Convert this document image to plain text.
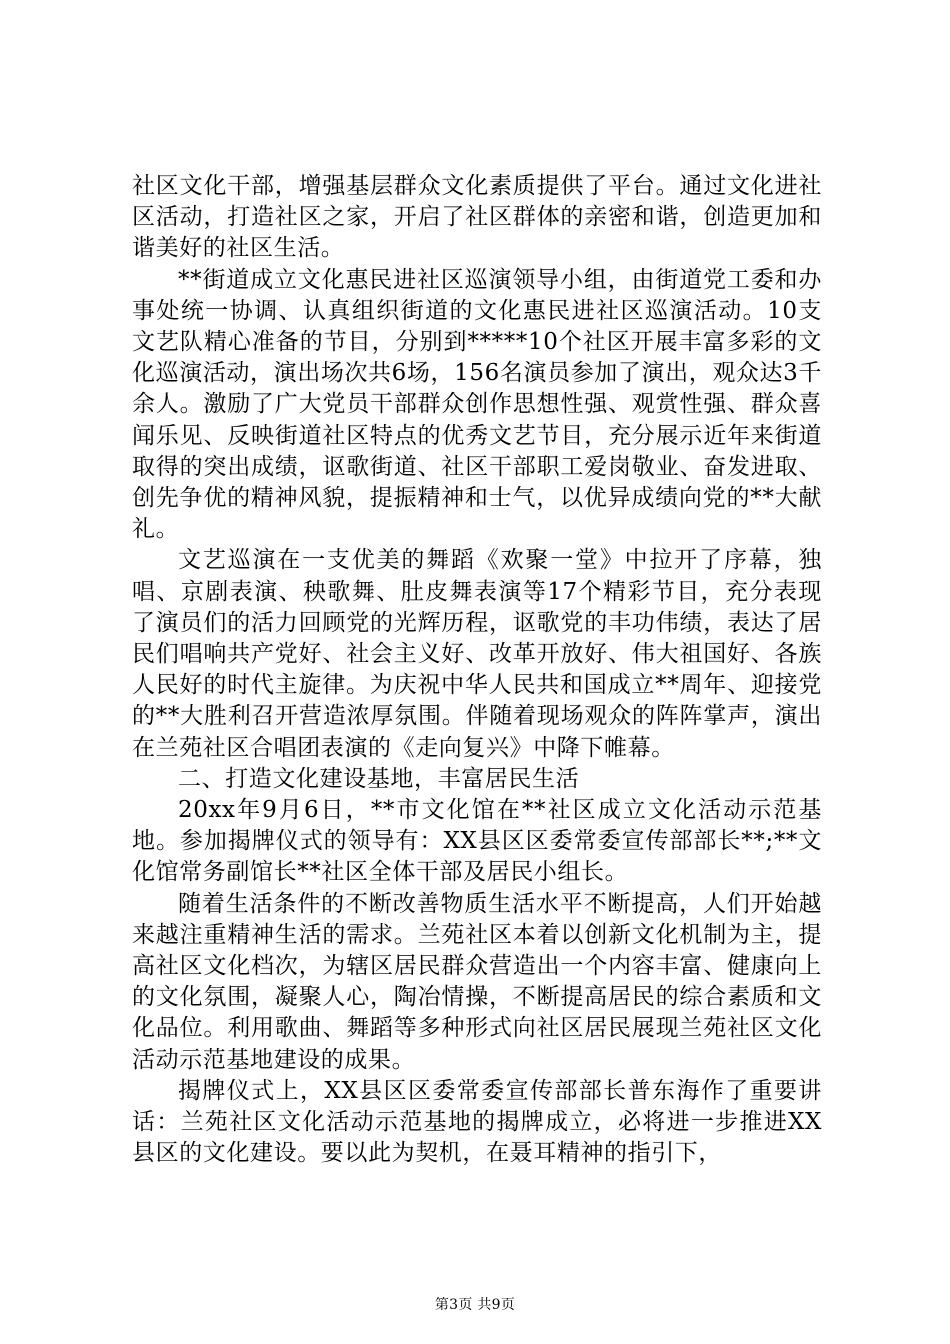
社区文化干部，增强基层群众文化素质提供了平台。通过文化进社区活动，打造社区之家，开启了社区群体的亲密和谐，创造更加和谐美好的社区生活。

**街道成立文化惠民进社区巡演领导小组，由街道党工委和办事处统一协调、认真组织街道的文化惠民进社区巡演活动。10支文艺队精心准备的节目，分别到*****10个社区开展丰富多彩的文化巡演活动，演出场次共6场，156名演员参加了演出，观众达3千余人。激励了广大党员干部群众创作思想性强、观赏性强、群众喜闻乐见、反映街道社区特点的优秀文艺节目，充分展示近年来街道取得的突出成绩，讴歌街道、社区干部职工爱岗敬业、奋发进取、创先争优的精神风貌，提振精神和士气，以优异成绩向党的**大献礼。

文艺巡演在一支优美的舞蹈《欢聚一堂》中拉开了序幕，独唱、京剧表演、秧歌舞、肚皮舞表演等17个精彩节目，充分表现了演员们的活力回顾党的光辉历程，讴歌党的丰功伟绩，表达了居民们唱响共产党好、社会主义好、改革开放好、伟大祖国好、各族人民好的时代主旋律。为庆祝中华人民共和国成立**周年、迎接党的**大胜利召开营造浓厚氛围。伴随着现场观众的阵阵掌声，演出在兰苑社区合唱团表演的《走向复兴》中降下帷幕。

二、打造文化建设基地，丰富居民生活

20xx年9月6日，**市文化馆在**社区成立文化活动示范基地。参加揭牌仪式的领导有：XX县区区委常委宣传部部长**;**文化馆常务副馆长**社区全体干部及居民小组长。

随着生活条件的不断改善物质生活水平不断提高，人们开始越来越注重精神生活的需求。兰苑社区本着以创新文化机制为主，提高社区文化档次，为辖区居民群众营造出一个内容丰富、健康向上的文化氛围，凝聚人心，陶冶情操，不断提高居民的综合素质和文化品位。利用歌曲、舞蹈等多种形式向社区居民展现兰苑社区文化活动示范基地建设的成果。

揭牌仪式上，XX县区区委常委宣传部部长普东海作了重要讲话：兰苑社区文化活动示范基地的揭牌成立，必将进一步推进XX县区的文化建设。要以此为契机，在聂耳精神的指引下，

第3页 共9页
